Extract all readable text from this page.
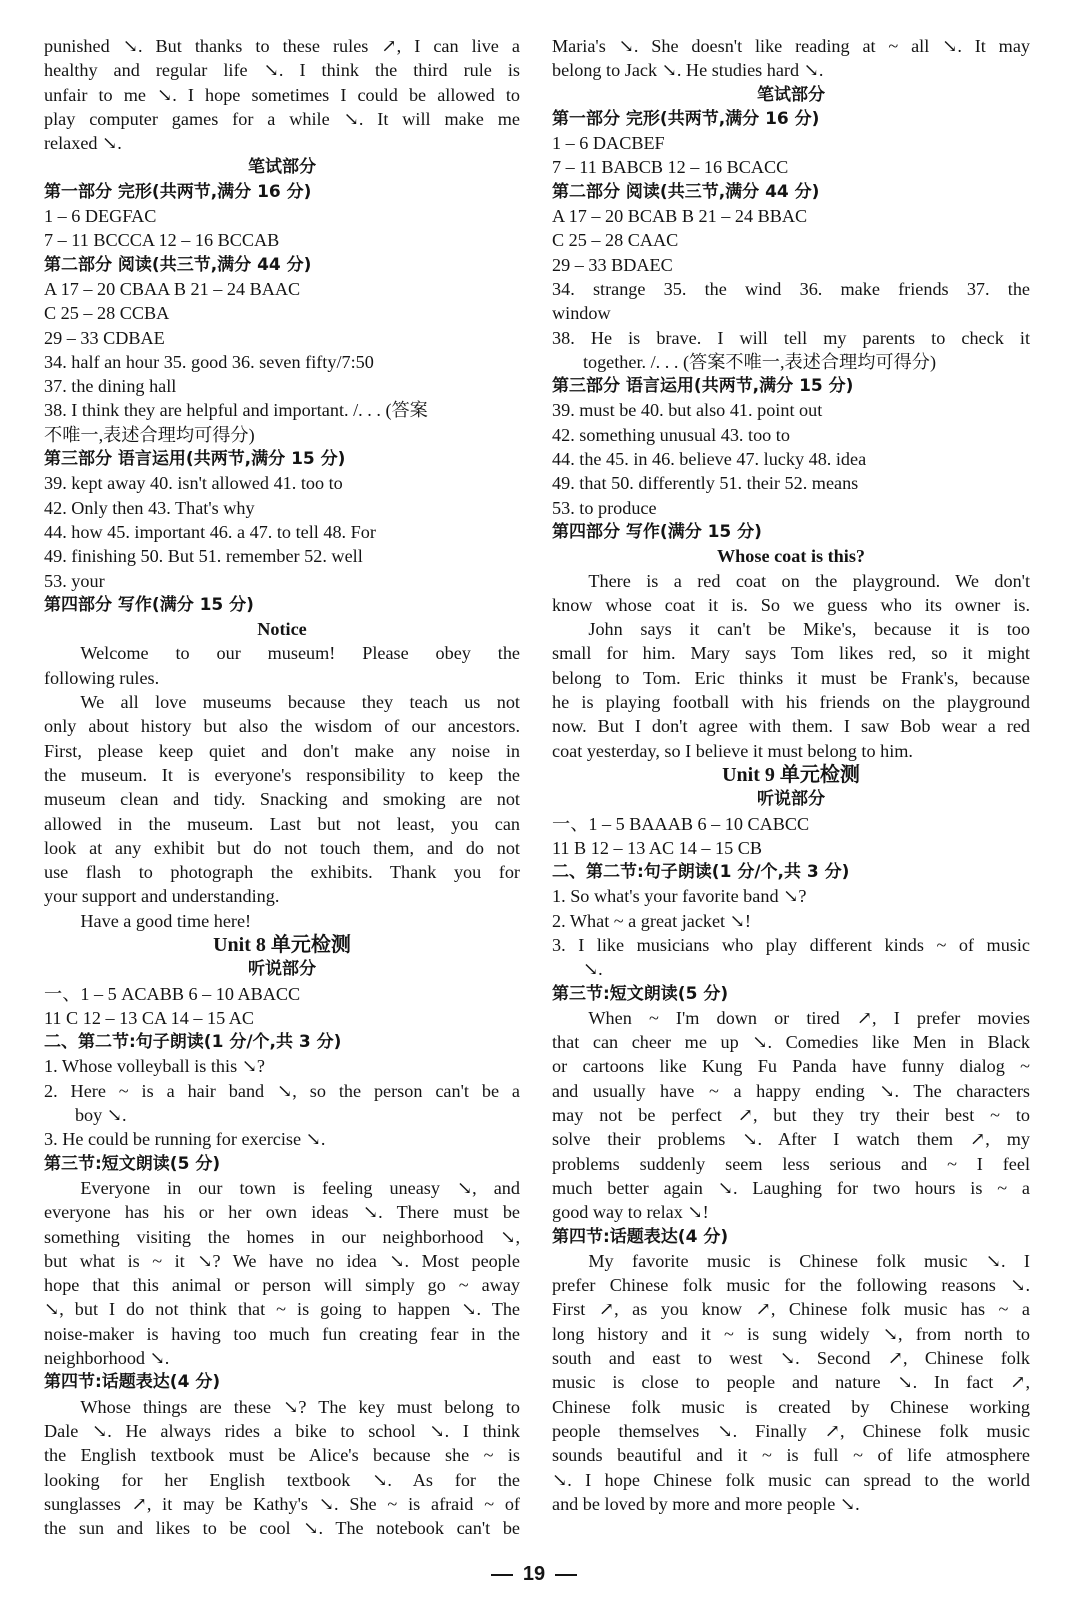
punished ↘. But thanks to these rules ↗, I can live a
healthy and regular life ↘. I think the third rule is
unfair to me ↘. I hope sometimes I could be allowed to
play computer games for a while ↘. It will make me
relaxed ↘.
笔试部分
第一部分 完形(共两节,满分 16 分)
1 – 6 DEGFAC
7 – 11 BCCCA 12 – 16 BCCAB
第二部分 阅读(共三节,满分 44 分)
A 17 – 20 CBAA B 21 – 24 BAAC
C 25 – 28 CCBA
29 – 33 CDBAE
34. half an hour 35. good 36. seven fifty/7:50
37. the dining hall
38. I think they are helpful and important. /. . . (答案
不唯一,表述合理均可得分)
第三部分 语言运用(共两节,满分 15 分)
39. kept away 40. isn't allowed 41. too to
42. Only then 43. That's why
44. how 45. important 46. a 47. to tell 48. For
49. finishing 50. But 51. remember 52. well
53. your
第四部分 写作(满分 15 分)
Notice
Welcome to our museum! Please obey the
following rules.
We all love museums because they teach us not
only about history but also the wisdom of our ancestors.
First, please keep quiet and don't make any noise in
the museum. It is everyone's responsibility to keep the
museum clean and tidy. Snacking and smoking are not
allowed in the museum. Last but not least, you can
look at any exhibit but do not touch them, and do not
use flash to photograph the exhibits. Thank you for
your support and understanding.
Have a good time here!
Unit 8 单元检测
听说部分
一、1 – 5 ACABB 6 – 10 ABACC
11 C 12 – 13 CA 14 – 15 AC
二、第二节:句子朗读(1 分/个,共 3 分)
1. Whose volleyball is this ↘?
2. Here ~ is a hair band ↘, so the person can't be a
boy ↘.
3. He could be running for exercise ↘.
第三节:短文朗读(5 分)
Everyone in our town is feeling uneasy ↘, and
everyone has his or her own ideas ↘. There must be
something visiting the homes in our neighborhood ↘,
but what is ~ it ↘? We have no idea ↘. Most people
hope that this animal or person will simply go ~ away
↘, but I do not think that ~ is going to happen ↘. The
noise-maker is having too much fun creating fear in the
neighborhood ↘.
第四节:话题表达(4 分)
Whose things are these ↘? The key must belong to
Dale ↘. He always rides a bike to school ↘. I think
the English textbook must be Alice's because she ~ is
looking for her English textbook ↘. As for the
sunglasses ↗, it may be Kathy's ↘. She ~ is afraid ~ of
the sun and likes to be cool ↘. The notebook can't be
Maria's ↘. She doesn't like reading at ~ all ↘. It may
belong to Jack ↘. He studies hard ↘.
笔试部分
第一部分 完形(共两节,满分 16 分)
1 – 6 DACBEF
7 – 11 BABCB 12 – 16 BCACC
第二部分 阅读(共三节,满分 44 分)
A 17 – 20 BCAB B 21 – 24 BBAC
C 25 – 28 CAAC
29 – 33 BDAEC
34. strange 35. the wind 36. make friends 37. the
window
38. He is brave. I will tell my parents to check it
together. /. . . (答案不唯一,表述合理均可得分)
第三部分 语言运用(共两节,满分 15 分)
39. must be 40. but also 41. point out
42. something unusual 43. too to
44. the 45. in 46. believe 47. lucky 48. idea
49. that 50. differently 51. their 52. means
53. to produce
第四部分 写作(满分 15 分)
Whose coat is this?
There is a red coat on the playground. We don't
know whose coat it is. So we guess who its owner is.
John says it can't be Mike's, because it is too
small for him. Mary says Tom likes red, so it might
belong to Tom. Eric thinks it must be Frank's, because
he is playing football with his friends on the playground
now. But I don't agree with them. I saw Bob wear a red
coat yesterday, so I believe it must belong to him.
Unit 9 单元检测
听说部分
一、1 – 5 BAAAB 6 – 10 CABCC
11 B 12 – 13 AC 14 – 15 CB
二、第二节:句子朗读(1 分/个,共 3 分)
1. So what's your favorite band ↘?
2. What ~ a great jacket ↘!
3. I like musicians who play different kinds ~ of music
↘.
第三节:短文朗读(5 分)
When ~ I'm down or tired ↗, I prefer movies
that can cheer me up ↘. Comedies like Men in Black
or cartoons like Kung Fu Panda have funny dialog ~
and usually have ~ a happy ending ↘. The characters
may not be perfect ↗, but they try their best ~ to
solve their problems ↘. After I watch them ↗, my
problems suddenly seem less serious and ~ I feel
much better again ↘. Laughing for two hours is ~ a
good way to relax ↘!
第四节:话题表达(4 分)
My favorite music is Chinese folk music ↘. I
prefer Chinese folk music for the following reasons ↘.
First ↗, as you know ↗, Chinese folk music has ~ a
long history and it ~ is sung widely ↘, from north to
south and east to west ↘. Second ↗, Chinese folk
music is close to people and nature ↘. In fact ↗,
Chinese folk music is created by Chinese working
people themselves ↘. Finally ↗, Chinese folk music
sounds beautiful and it ~ is full ~ of life atmosphere
↘. I hope Chinese folk music can spread to the world
and be loved by more and more people ↘.
19
